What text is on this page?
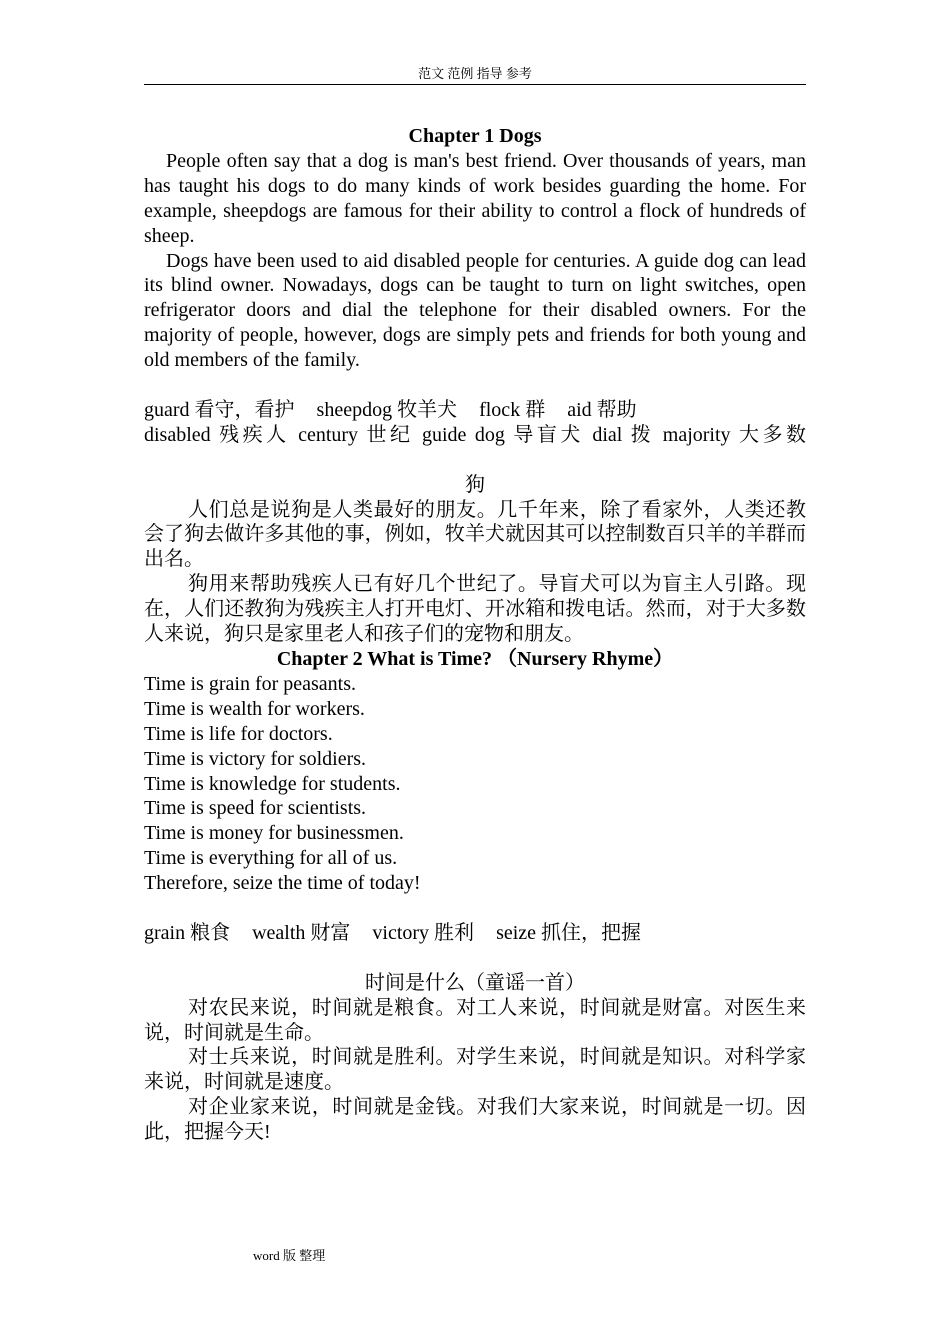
范文 范例 指导 参考
Chapter 1 Dogs

People often say that a dog is man's best friend. Over thousands of years, man has taught his dogs to do many kinds of work besides guarding the home. For example, sheepdogs are famous for their ability to control a flock of hundreds of sheep.

Dogs have been used to aid disabled people for centuries. A guide dog can lead its blind owner. Nowadays, dogs can be taught to turn on light switches, open refrigerator doors and dial the telephone for their disabled owners. For the majority of people, however, dogs are simply pets and friends for both young and old members of the family.

guard 看守，看护 sheepdog 牧羊犬 flock 群 aid 帮助
disabled 残疾人 century 世纪 guide dog 导盲犬 dial 拨 majority 大多数
狗

人们总是说狗是人类最好的朋友。几千年来，除了看家外，人类还教会了狗去做许多其他的事，例如，牧羊犬就因其可以控制数百只羊的羊群而出名。

狗用来帮助残疾人已有好几个世纪了。导盲犬可以为盲主人引路。现在，人们还教狗为残疾主人打开电灯、开冰箱和拨电话。然而，对于大多数人来说，狗只是家里老人和孩子们的宠物和朋友。

Chapter 2 What is Time? （Nursery Rhyme）
Time is grain for peasants.
Time is wealth for workers.
Time is life for doctors.
Time is victory for soldiers.
Time is knowledge for students.
Time is speed for scientists.
Time is money for businessmen.
Time is everything for all of us.
Therefore, seize the time of today!
grain 粮食 wealth 财富 victory 胜利 seize 抓住，把握
时间是什么（童谣一首）

对农民来说，时间就是粮食。对工人来说，时间就是财富。对医生来说，时间就是生命。

对士兵来说，时间就是胜利。对学生来说，时间就是知识。对科学家来说，时间就是速度。

对企业家来说，时间就是金钱。对我们大家来说，时间就是一切。因此，把握今天!

word 版 整理
